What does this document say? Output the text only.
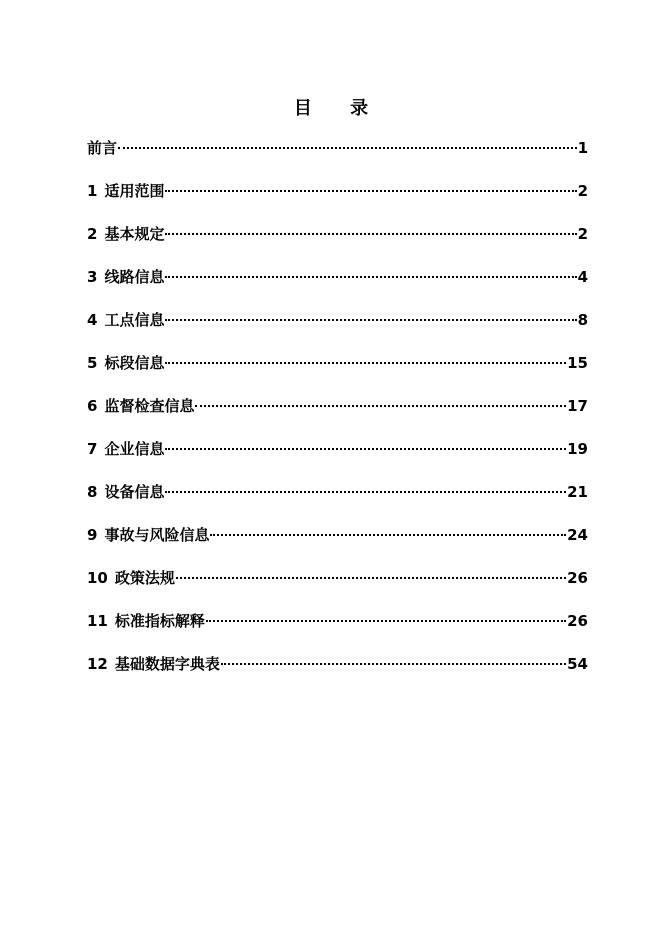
目 录
前言	1
1 适用范围	2
2 基本规定	2
3 线路信息	4
4 工点信息	8
5 标段信息	15
6 监督检查信息	17
7 企业信息	19
8 设备信息	21
9 事故与风险信息	24
10 政策法规	26
11 标准指标解释	26
12 基础数据字典表	54
